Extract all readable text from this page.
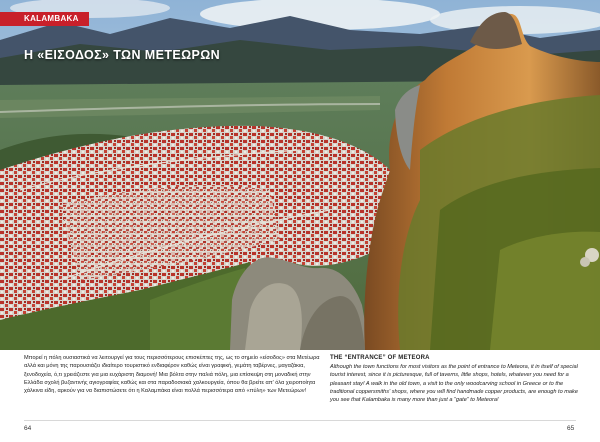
KALAMBAKA
Η «ΕΙΣΟΔΟΣ» ΤΩΝ ΜΕΤΕΩΡΩΝ
Μπορεί η πόλη ουσιαστικά να λειτουργεί για τους περισσότερους επισκέπτες της, ως το σημείο «είσοδος» στα Μετέωρα αλλά και μόνη της παρουσιάζει ιδιαίτερο τουριστικό ενδιαφέρον καθώς είναι γραφική, γεμάτη ταβέρνες, μαγαζάκια, ξενοδοχεία, ό,τι χρειάζεστε για μια ευχάριστη διαμονή! Μια βόλτα στην παλιά πόλη, μια επίσκεψη στη μοναδική στην Ελλάδα σχολή βυζαντινής αγιογραφίας καθώς και στα παραδοσιακά χαλκουργεία, όπου θα βρείτε απ' όλα χειροποίητα χάλκινα είδη, αρκούν για να διαπιστώσετε ότι η Καλαμπάκα είναι πολλά περισσότερα από «πύλη» των Μετεώρων!
THE “ENTRANCE” OF METEORA
Although the town functions for most visitors as the point of entrance to Meteora, it in itself of special tourist interest, since it is picturesque, full of taverns, little shops, hotels, whatever you need for a pleasant stay! A walk in the old town, a visit to the only woodcarving school in Greece or to the traditional coppersmiths' shops, where you will find handmade copper products, are enough to make you see that Kalambaka is many more than just a “gate” to Meteora!
64	65
